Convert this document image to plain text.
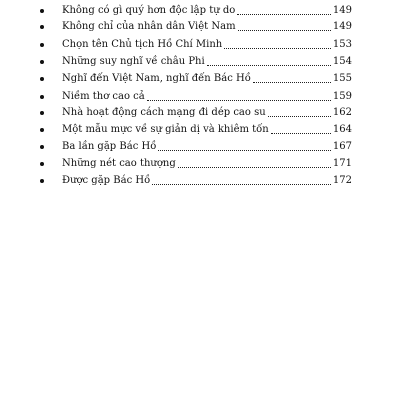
Không có gì quý hơn độc lập tự do	149
Không chỉ của nhân dân Việt Nam	149
Chọn tên Chủ tịch Hồ Chí Minh	153
Những suy nghĩ về châu Phi	154
Nghĩ đến Việt Nam, nghĩ đến Bác Hồ	155
Niềm thơ cao cả	159
Nhà hoạt động cách mạng đi dép cao su	162
Một mẫu mực về sự giản dị và khiêm tốn	164
Ba lần gặp Bác Hồ	167
Những nét cao thượng	171
Được gặp Bác Hồ	172
